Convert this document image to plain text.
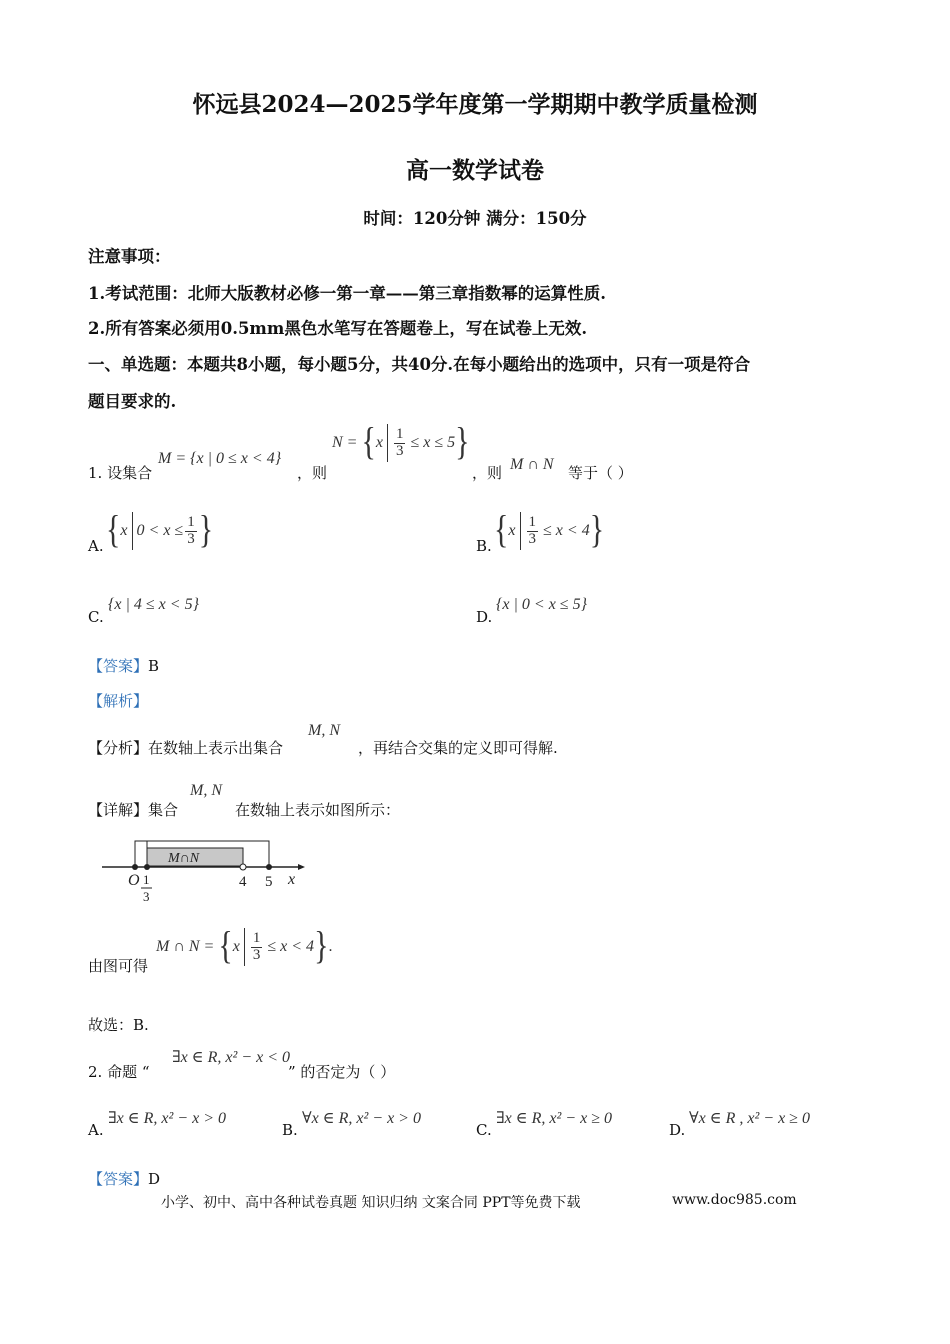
怀远县2024—2025学年度第一学期期中教学质量检测
高一数学试卷
时间：120分钟 满分：150分
注意事项：
1.考试范围：北师大版教材必修一第一章——第三章指数幂的运算性质.
2.所有答案必须用0.5mm黑色水笔写在答题卷上，写在试卷上无效.
一、单选题：本题共8小题，每小题5分，共40分.在每小题给出的选项中，只有一项是符合
题目要求的.
1. 设集合
M = {x | 0 ≤ x < 4}
，则
N = { x $\frac{1}{3} \le x \le 5$ }
，则 M ∩ N 等于（ ）
A. { x $0 < x \le \frac{1}{3}$ }	B. { x $\frac{1}{3} \le x < 4$ }
C.
{x | 4 ≤ x < 5}
D.
{x | 0 < x ≤ 5}
【答案】B
【解析】
【分析】在数轴上表示出集合
M, N
，再结合交集的定义即可得解.
【详解】集合
M, N
在数轴上表示如图所示：
M∩N
O 1
3
4 5 x
由图可得
M ∩ N = { x $\frac{1}{3} \le x < 4$ } .
故选：B.
2. 命题 “
∃x ∈ R, x² − x < 0
” 的否定为（ ）
A.
∃x ∈ R, x² − x > 0
B.
∀x ∈ R, x² − x > 0
C.
∃x ∈ R, x² − x ≥ 0
D.
∀x ∈ R , x² − x ≥ 0
【答案】D
小学、初中、高中各种试卷真题 知识归纳 文案合同 PPT等免费下载	www.doc985.com
